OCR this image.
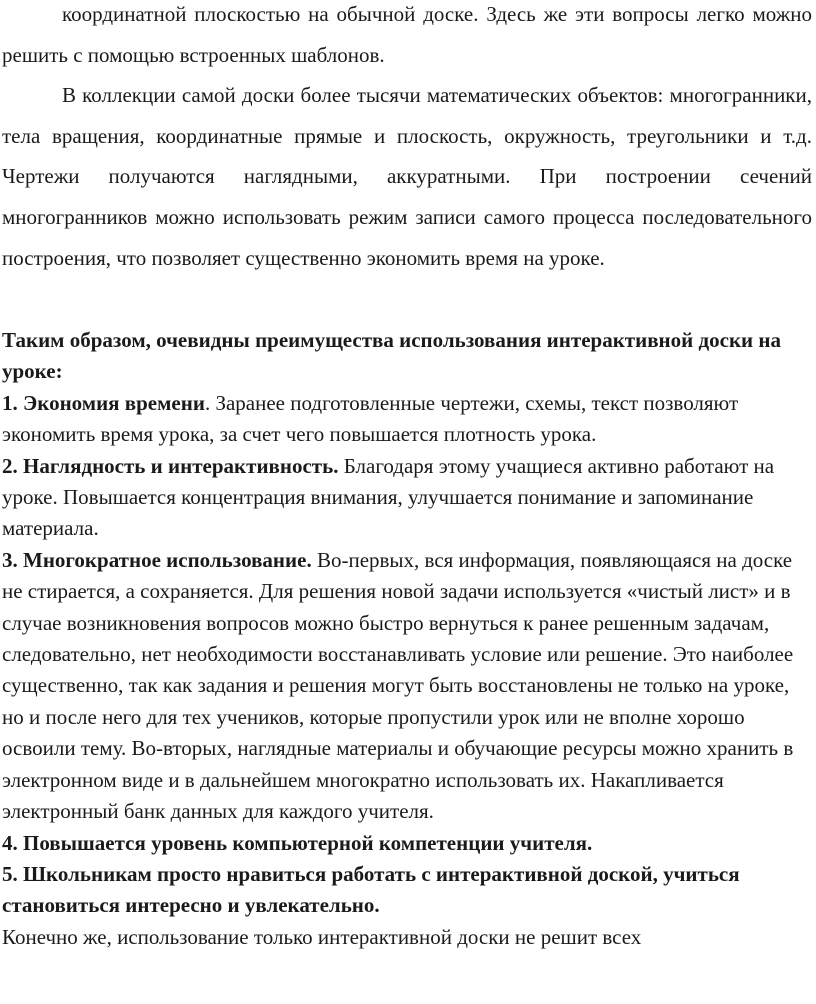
координатной плоскостью на обычной доске. Здесь же эти вопросы легко можно решить с помощью встроенных шаблонов.

В коллекции самой доски более тысячи математических объектов: многогранники, тела вращения, координатные прямые и плоскость, окружность, треугольники и т.д. Чертежи получаются наглядными, аккуратными. При построении сечений многогранников можно использовать режим записи самого процесса последовательного построения, что позволяет существенно экономить время на уроке.

Таким образом, очевидны преимущества использования интерактивной доски на уроке:

1. Экономия времени. Заранее подготовленные чертежи, схемы, текст позволяют экономить время урока, за счет чего повышается плотность урока.

2. Наглядность и интерактивность. Благодаря этому учащиеся активно работают на уроке. Повышается концентрация внимания, улучшается понимание и запоминание материала.

3. Многократное использование. Во-первых, вся информация, появляющаяся на доске не стирается, а сохраняется. Для решения новой задачи используется «чистый лист» и в случае возникновения вопросов можно быстро вернуться к ранее решенным задачам, следовательно, нет необходимости восстанавливать условие или решение. Это наиболее существенно, так как задания и решения могут быть восстановлены не только на уроке, но и после него для тех учеников, которые пропустили урок или не вполне хорошо освоили тему. Во-вторых, наглядные материалы и обучающие ресурсы можно хранить в электронном виде и в дальнейшем многократно использовать их. Накапливается электронный банк данных для каждого учителя.

4. Повышается уровень компьютерной компетенции учителя.

5. Школьникам просто нравиться работать с интерактивной доской, учиться становиться интересно и увлекательно.

Конечно же, использование только интерактивной доски не решит всех
